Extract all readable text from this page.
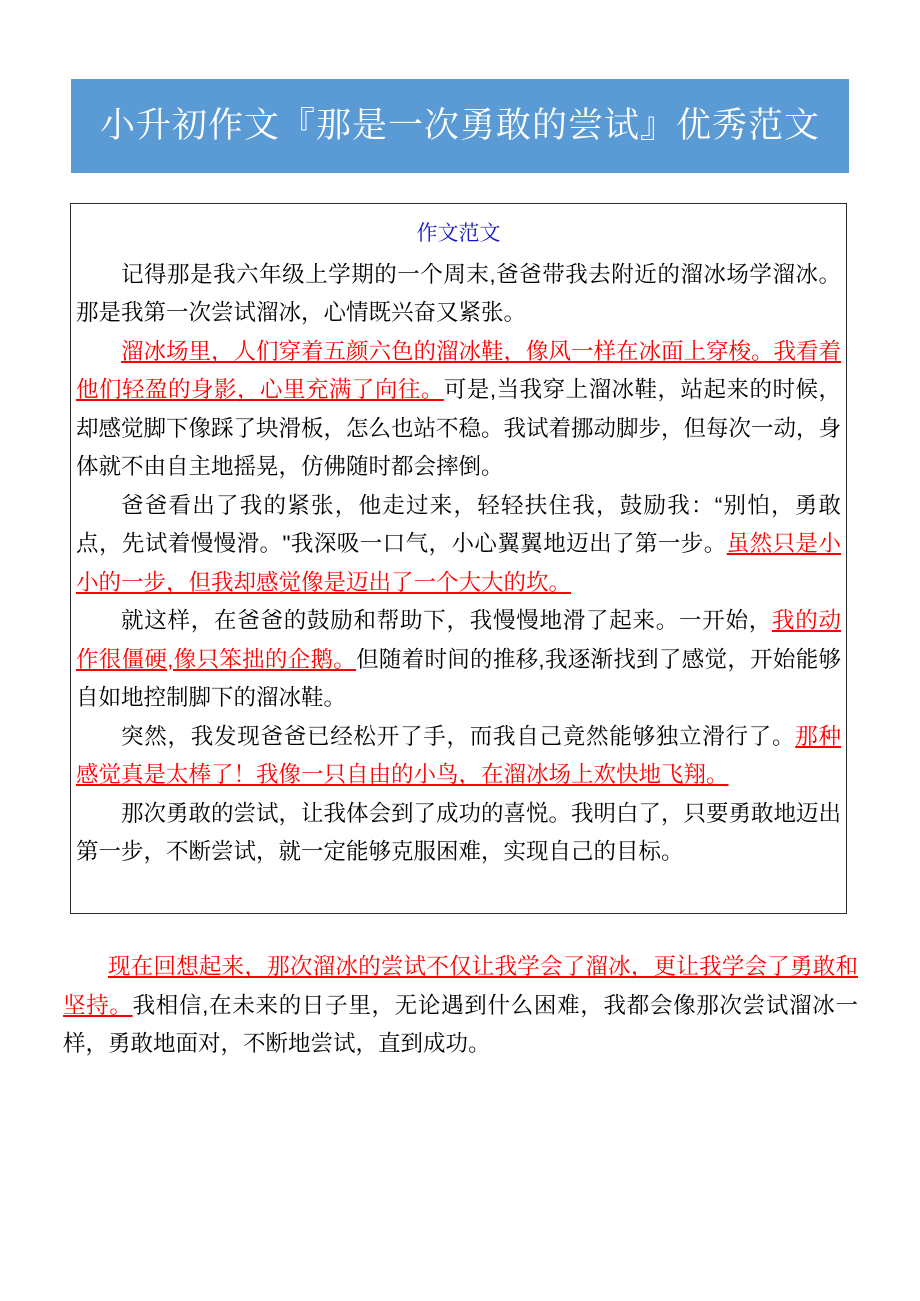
小升初作文『那是一次勇敢的尝试』优秀范文
作文范文
记得那是我六年级上学期的一个周末,爸爸带我去附近的溜冰场学溜冰。那是我第一次尝试溜冰，心情既兴奋又紧张。
溜冰场里，人们穿着五颜六色的溜冰鞋，像风一样在冰面上穿梭。我看着他们轻盈的身影，心里充满了向往。可是,当我穿上溜冰鞋，站起来的时候，却感觉脚下像踩了块滑板，怎么也站不稳。我试着挪动脚步，但每次一动，身体就不由自主地摇晃，仿佛随时都会摔倒。
爸爸看出了我的紧张，他走过来，轻轻扶住我，鼓励我：“别怕，勇敢点，先试着慢慢滑。"我深吸一口气，小心翼翼地迈出了第一步。虽然只是小小的一步，但我却感觉像是迈出了一个大大的坎。
就这样，在爸爸的鼓励和帮助下，我慢慢地滑了起来。一开始，我的动作很僵硬,像只笨拙的企鹅。但随着时间的推移,我逐渐找到了感觉，开始能够自如地控制脚下的溜冰鞋。
突然，我发现爸爸已经松开了手，而我自己竟然能够独立滑行了。那种感觉真是太棒了！我像一只自由的小鸟，在溜冰场上欢快地飞翔。
那次勇敢的尝试，让我体会到了成功的喜悦。我明白了，只要勇敢地迈出第一步，不断尝试，就一定能够克服困难，实现自己的目标。
现在回想起来，那次溜冰的尝试不仅让我学会了溜冰，更让我学会了勇敢和坚持。我相信,在未来的日子里，无论遇到什么困难，我都会像那次尝试溜冰一样，勇敢地面对，不断地尝试，直到成功。
